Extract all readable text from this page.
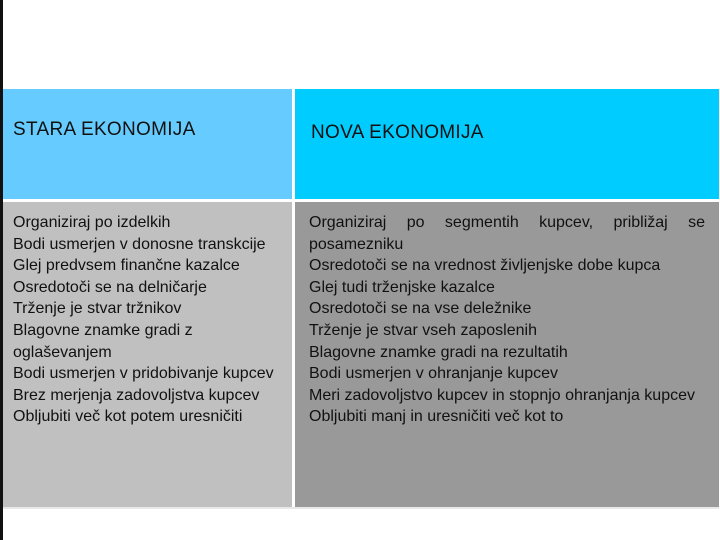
STARA EKONOMIJA	NOVA EKONOMIJA
Organiziraj po izdelkih
Bodi usmerjen v donosne transkcije
Glej predvsem finančne kazalce
Osredotoči se na delničarje
Trženje je stvar tržnikov
Blagovne znamke gradi z oglaševanjem
Bodi usmerjen v pridobivanje kupcev
Brez merjenja zadovoljstva kupcev
Obljubiti več kot potem uresničiti
Organiziraj po segmentih kupcev, približaj se posamezniku
Osredotoči se na vrednost življenjske dobe kupca
Glej tudi trženjske kazalce
Osredotoči se na vse deležnike
Trženje je stvar vseh zaposlenih
Blagovne znamke gradi na rezultatih
Bodi usmerjen v ohranjanje kupcev
Meri zadovoljstvo kupcev in stopnjo ohranjanja kupcev
Obljubiti manj in uresničiti več kot to
